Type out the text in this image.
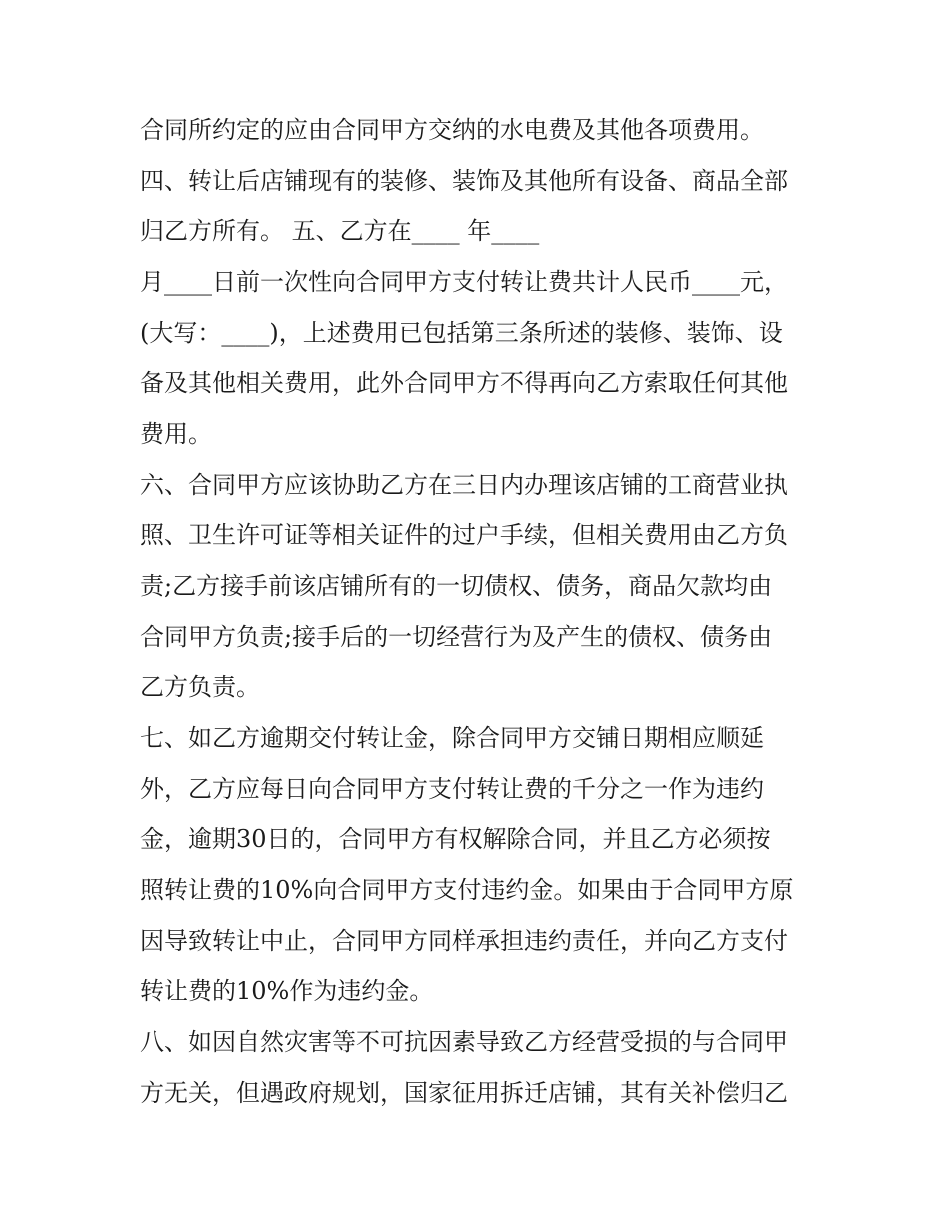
合同所约定的应由合同甲方交纳的水电费及其他各项费用。
四、转让后店铺现有的装修、装饰及其他所有设备、商品全部
归乙方所有。 五、乙方在____ 年____
月____日前一次性向合同甲方支付转让费共计人民币____元，
(大写：____)，上述费用已包括第三条所述的装修、装饰、设
备及其他相关费用，此外合同甲方不得再向乙方索取任何其他
费用。
六、合同甲方应该协助乙方在三日内办理该店铺的工商营业执
照、卫生许可证等相关证件的过户手续，但相关费用由乙方负
责;乙方接手前该店铺所有的一切债权、债务，商品欠款均由
合同甲方负责;接手后的一切经营行为及产生的债权、债务由
乙方负责。
七、如乙方逾期交付转让金，除合同甲方交铺日期相应顺延
外，乙方应每日向合同甲方支付转让费的千分之一作为违约
金，逾期30日的，合同甲方有权解除合同，并且乙方必须按
照转让费的10%向合同甲方支付违约金。如果由于合同甲方原
因导致转让中止，合同甲方同样承担违约责任，并向乙方支付
转让费的10%作为违约金。
八、如因自然灾害等不可抗因素导致乙方经营受损的与合同甲
方无关，但遇政府规划，国家征用拆迁店铺，其有关补偿归乙
